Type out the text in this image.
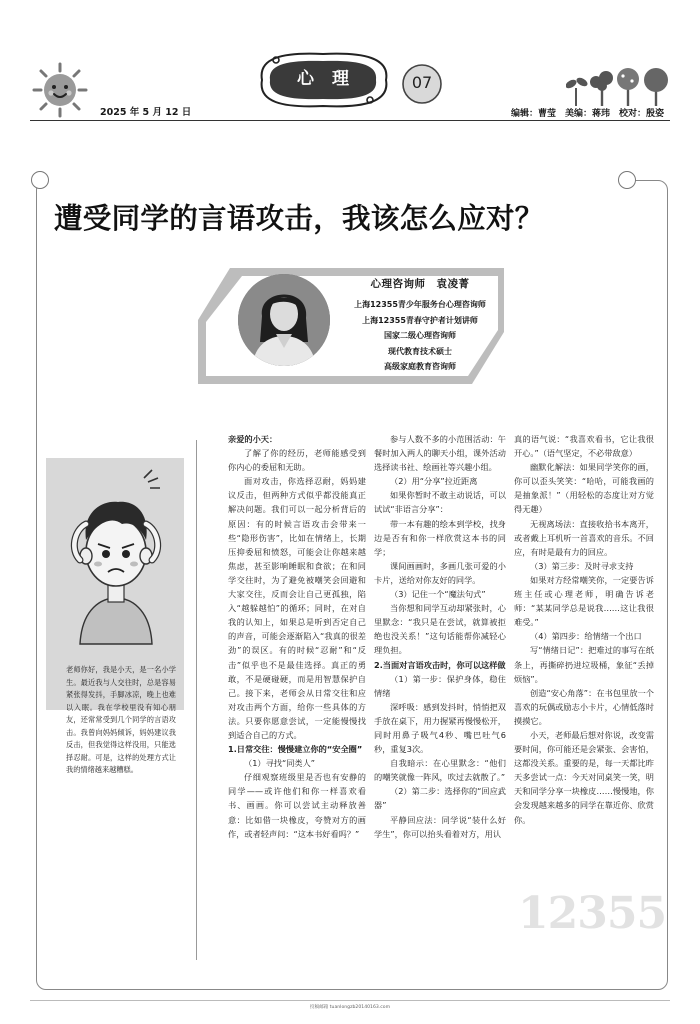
2025 年 5 月 12 日
心理	07
编辑：曹莹　美编：蒋玮　校对：殷姿
遭受同学的言语攻击，我该怎么应对？
心理咨询师　袁凌菁
上海12355青少年服务台心理咨询师
上海12355青春守护者计划讲师
国家二级心理咨询师
现代教育技术硕士
高级家庭教育咨询师
老师你好，我是小天，是一名小学生。最近我与人交往时，总是容易紧张得发抖，手脚冰凉，晚上也难以入眠。我在学校里没有知心朋友，还常常受到几个同学的言语攻击。我曾向妈妈倾诉，妈妈建议我反击，但我觉得这样没用，只能选择忍耐。可是，这样的处理方式让我的情绪越来越糟糕。

亲爱的小天：

了解了你的经历，老师能感受到你内心的委屈和无助。

面对攻击，你选择忍耐，妈妈建议反击，但两种方式似乎都没能真正解决问题。我们可以一起分析背后的原因：有的时候言语攻击会带来一些“隐形伤害”，比如在情绪上，长期压抑委屈和愤怒，可能会让你越来越焦虑，甚至影响睡眠和食欲；在和同学交往时，为了避免被嘲笑会回避和大家交往，反而会让自己更孤独，陷入“越躲越怕”的循环；同时，在对自我的认知上，如果总是听到否定自己的声音，可能会逐渐陷入“我真的很差劲”的误区。有的时候“忍耐”和“反击”似乎也不是最佳选择。真正的勇敢，不是硬碰硬，而是用智慧保护自己。接下来，老师会从日常交往和应对攻击两个方面，给你一些具体的方法。只要你愿意尝试，一定能慢慢找到适合自己的方式。

1.日常交往：慢慢建立你的“安全圈”

（1）寻找“同类人”

仔细观察班级里是否也有安静的同学——或许他们和你一样喜欢看书、画画。你可以尝试主动释放善意：比如借一块橡皮，夸赞对方的画作，或者轻声问：“这本书好看吗？”

参与人数不多的小范围活动：午餐时加入两人的聊天小组，课外活动选择读书社、绘画社等兴趣小组。

（2）用“分享”拉近距离

如果你暂时不敢主动说话，可以试试“非语言分享”：

带一本有趣的绘本到学校，找身边是否有和你一样欣赏这本书的同学；

课间画画时，多画几张可爱的小卡片，送给对你友好的同学。

（3）记住一个“魔法句式”

当你想和同学互动却紧张时，心里默念：“我只是在尝试，就算被拒绝也没关系！”这句话能帮你减轻心理负担。

2.当面对言语攻击时，你可以这样做

（1）第一步：保护身体，稳住情绪

深呼吸：感到发抖时，悄悄把双手放在桌下，用力握紧再慢慢松开，同时用鼻子吸气4秒、嘴巴吐气6秒，重复3次。

自我暗示：在心里默念：“他们的嘲笑就像一阵风，吹过去就散了。”

（2）第二步：选择你的“回应武器”

平静回应法：同学说“装什么好学生”，你可以抬头看着对方，用认

真的语气说：“我喜欢看书，它让我很开心。”（语气坚定，不必带敌意）

幽默化解法：如果同学笑你的画，你可以歪头笑笑：“哈哈，可能我画的是抽象派！”（用轻松的态度让对方觉得无趣）

无视离场法：直接收拾书本离开，或者戴上耳机听一首喜欢的音乐。不回应，有时是最有力的回应。

（3）第三步：及时寻求支持

如果对方经常嘲笑你，一定要告诉班主任或心理老师，明确告诉老师：“某某同学总是说我……这让我很难受。”

（4）第四步：给情绪一个出口

写“情绪日记”：把难过的事写在纸条上，再撕碎扔进垃圾桶，象征“丢掉烦恼”。

创造“安心角落”：在书包里放一个喜欢的玩偶或励志小卡片，心情低落时摸摸它。

小天，老师最后想对你说，改变需要时间，你可能还是会紧张、会害怕，这都没关系。重要的是，每一天都比昨天多尝试一点：今天对同桌笑一笑，明天和同学分享一块橡皮……慢慢地，你会发现越来越多的同学在靠近你、欣赏你。

12355
投稿邮箱 tuanlongzb20140163.com
